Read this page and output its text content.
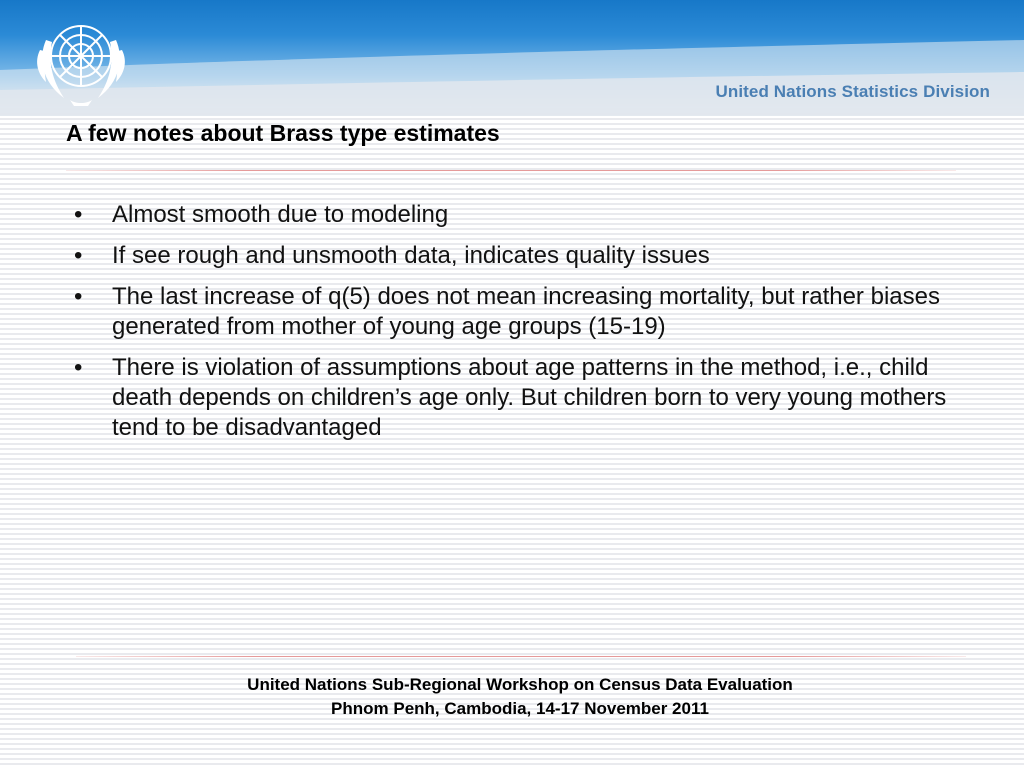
United Nations Statistics Division
A few notes about Brass type estimates
• Almost smooth due to modeling
• If see rough and unsmooth data, indicates quality issues
• The last increase of q(5) does not mean increasing mortality, but rather biases generated from mother of young age groups (15-19)
• There is violation of assumptions about age patterns in the method, i.e., child death depends on children’s age only. But children born to very young mothers tend to be disadvantaged
United Nations Sub-Regional Workshop on Census Data Evaluation
Phnom Penh, Cambodia, 14-17 November 2011
